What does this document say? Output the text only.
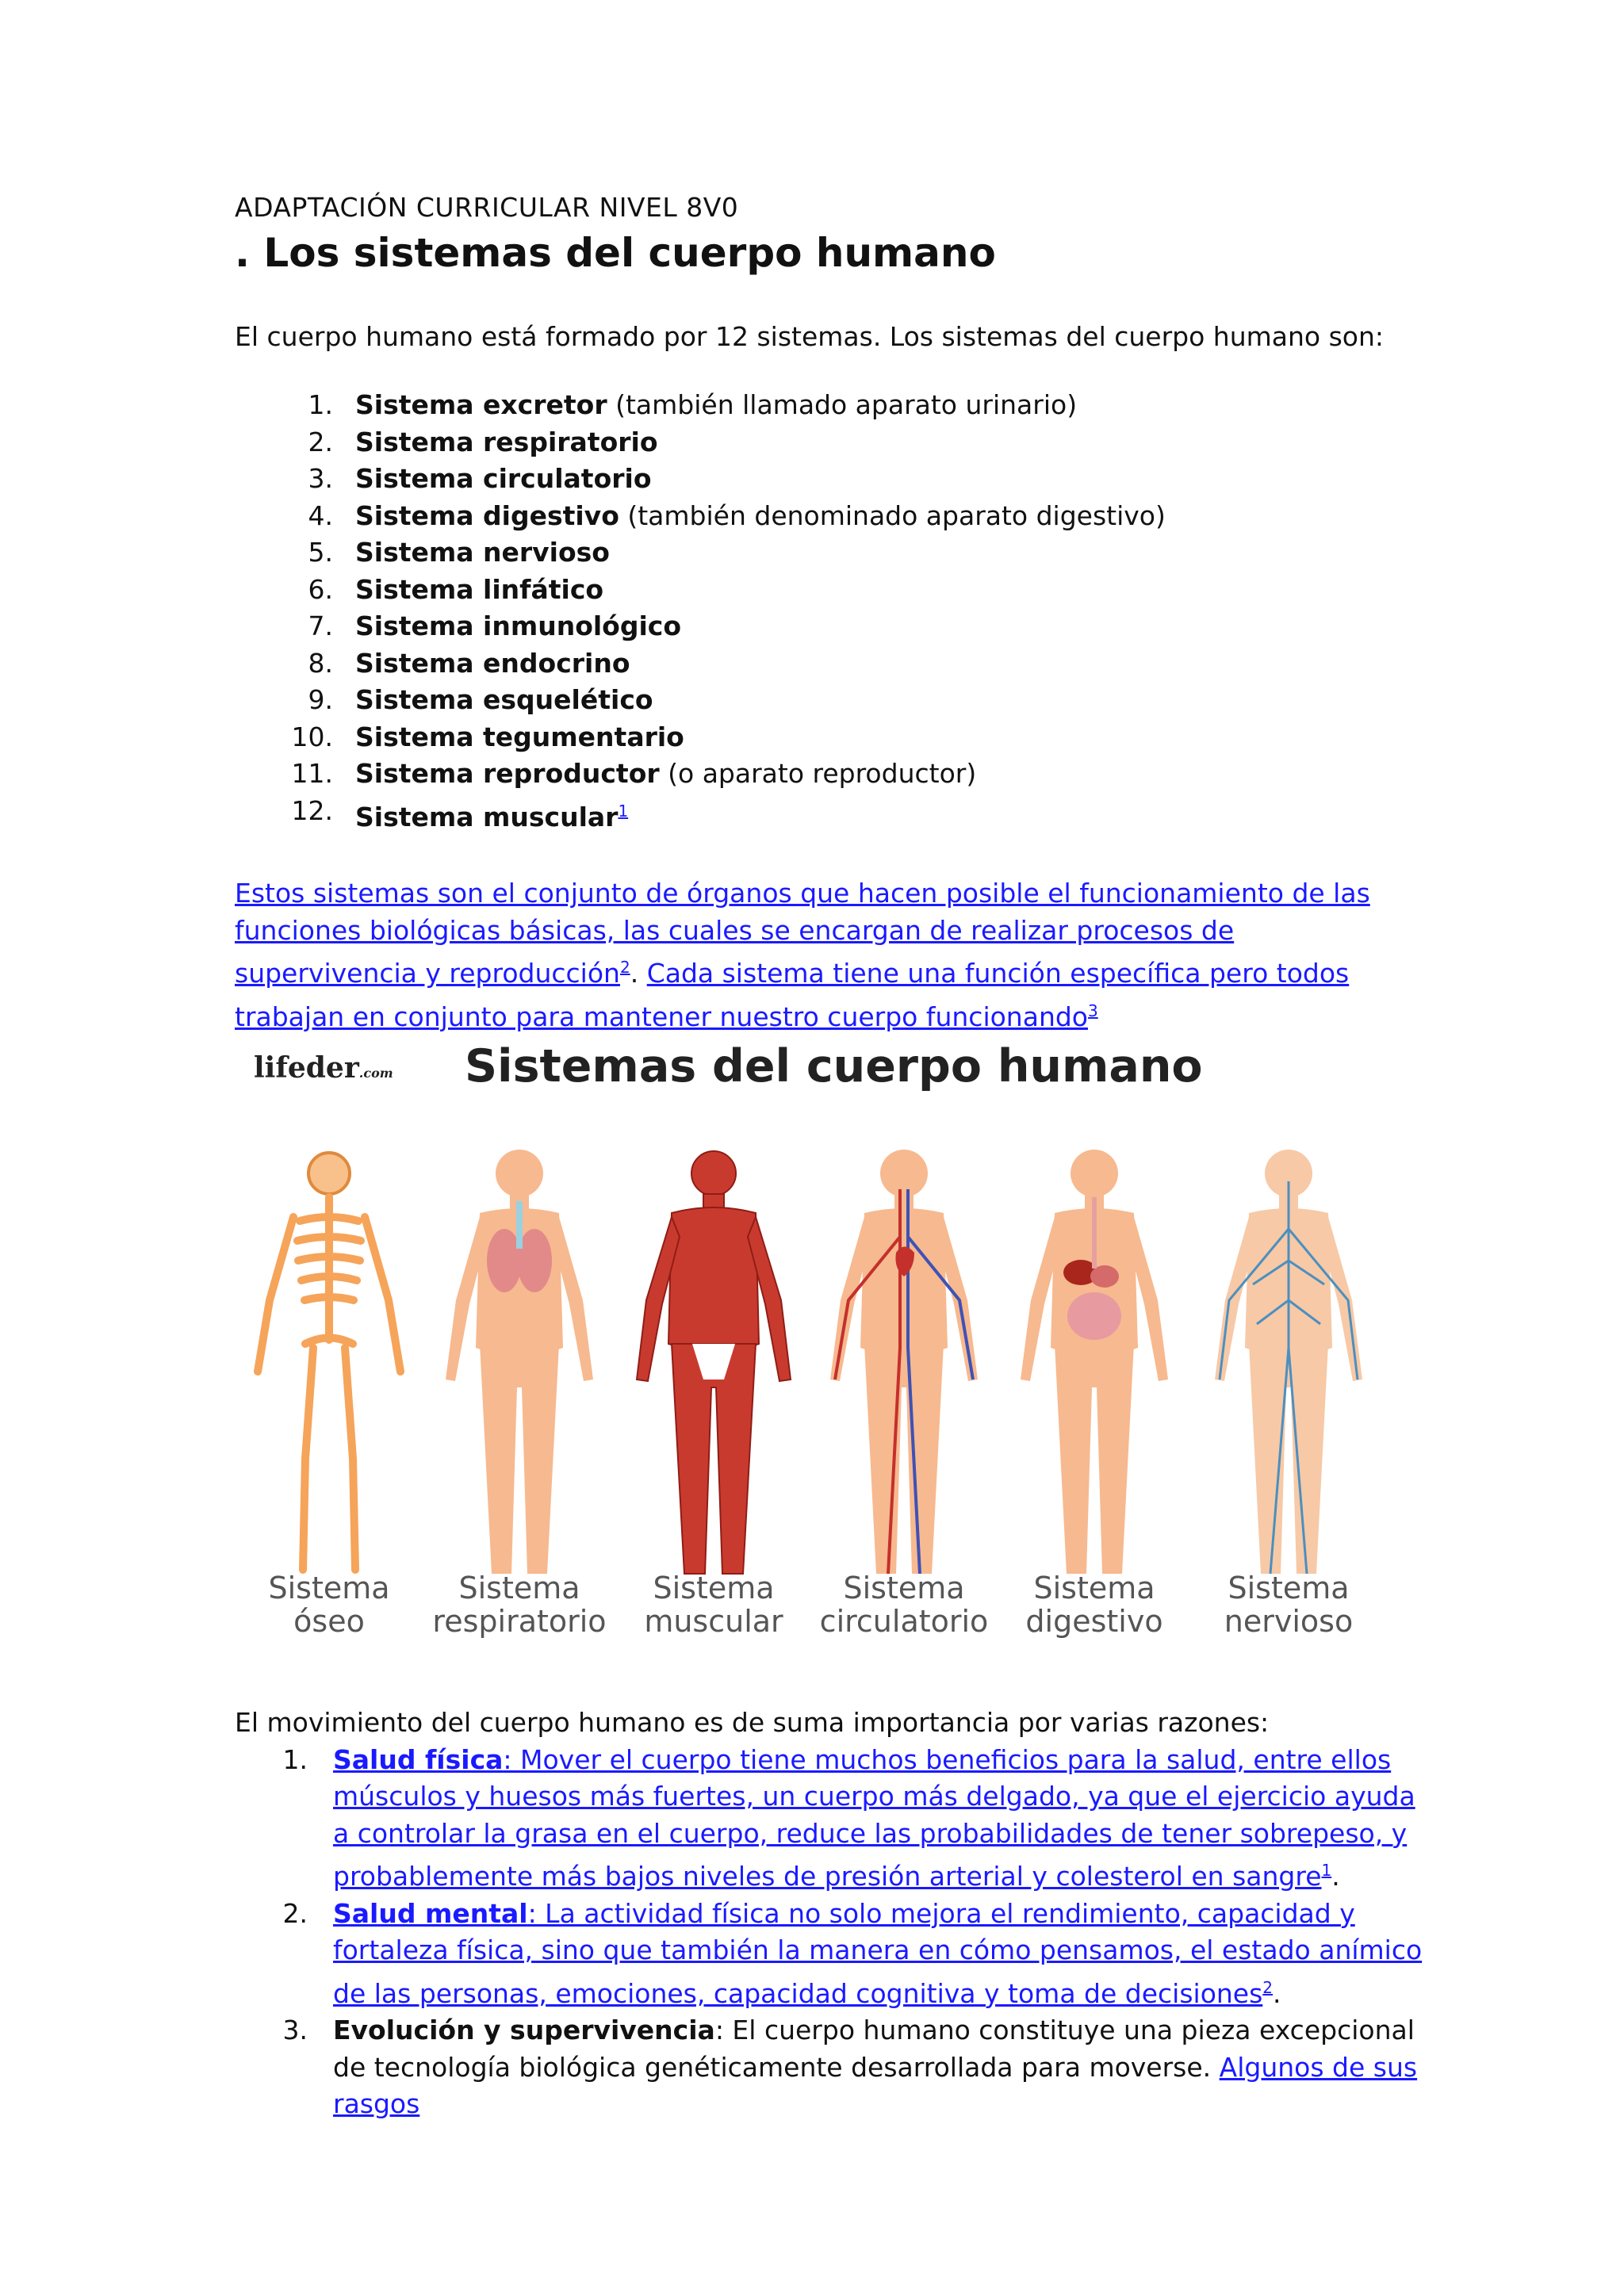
ADAPTACIÓN CURRICULAR NIVEL 8V0
. Los sistemas del cuerpo humano
El cuerpo humano está formado por 12 sistemas. Los sistemas del cuerpo humano son:
1. Sistema excretor (también llamado aparato urinario)
2. Sistema respiratorio
3. Sistema circulatorio
4. Sistema digestivo (también denominado aparato digestivo)
5. Sistema nervioso
6. Sistema linfático
7. Sistema inmunológico
8. Sistema endocrino
9. Sistema esquelético
10. Sistema tegumentario
11. Sistema reproductor (o aparato reproductor)
12. Sistema muscular$^1$
Estos sistemas son el conjunto de órganos que hacen posible el funcionamiento de las funciones biológicas básicas, las cuales se encargan de realizar procesos de supervivencia y reproducción$^2$. Cada sistema tiene una función específica pero todos trabajan en conjunto para mantener nuestro cuerpo funcionando$^3$
lifeder.com Sistemas del cuerpo humano
Sistema
óseo
Sistema
respiratorio
Sistema
muscular
Sistema
circulatorio
Sistema
digestivo
Sistema
nervioso
El movimiento del cuerpo humano es de suma importancia por varias razones:
1. Salud física: Mover el cuerpo tiene muchos beneficios para la salud, entre ellos músculos y huesos más fuertes, un cuerpo más delgado, ya que el ejercicio ayuda a controlar la grasa en el cuerpo, reduce las probabilidades de tener sobrepeso, y probablemente más bajos niveles de presión arterial y colesterol en sangre$^1$.
2. Salud mental: La actividad física no solo mejora el rendimiento, capacidad y fortaleza física, sino que también la manera en cómo pensamos, el estado anímico de las personas, emociones, capacidad cognitiva y toma de decisiones$^2$.
3. Evolución y supervivencia: El cuerpo humano constituye una pieza excepcional de tecnología biológica genéticamente desarrollada para moverse. Algunos de sus rasgos
